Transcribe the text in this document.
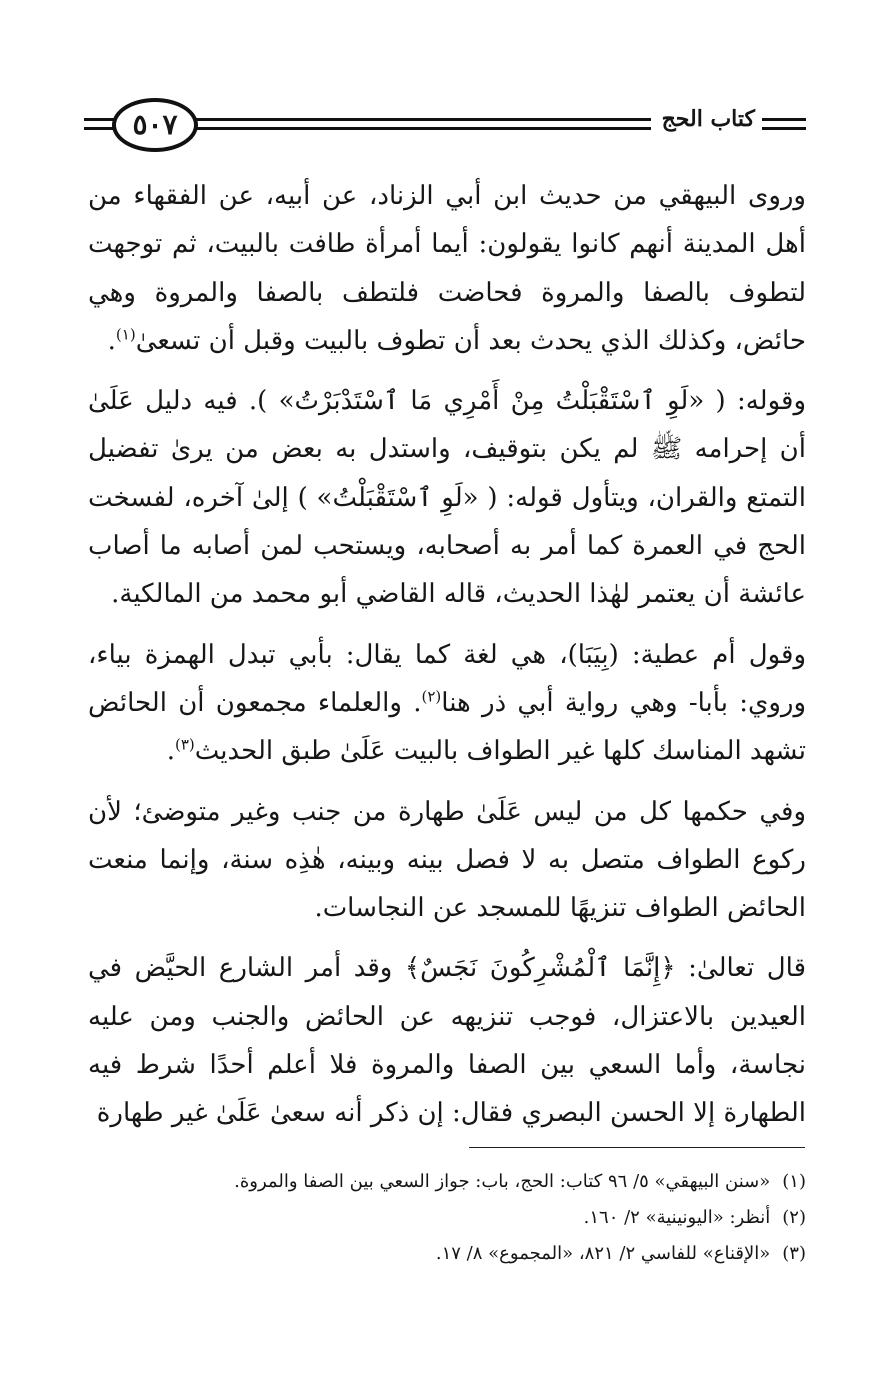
٥٠٧	كتاب الحج

وروى البيهقي من حديث ابن أبي الزناد، عن أبيه، عن الفقهاء من أهل المدينة أنهم كانوا يقولون: أيما أمرأة طافت بالبيت، ثم توجهت لتطوف بالصفا والمروة فحاضت فلتطف بالصفا والمروة وهي حائض، وكذلك الذي يحدث بعد أن تطوف بالبيت وقبل أن تسعىٰ$^{(١)}$.

وقوله: ( «لَوِ ٱسْتَقْبَلْتُ مِنْ أَمْرِي مَا ٱسْتَدْبَرْتُ» ). فيه دليل عَلَىٰ أن إحرامه ﷺ لم يكن بتوقيف، واستدل به بعض من يرىٰ تفضيل التمتع والقران، ويتأول قوله: ( «لَوِ ٱسْتَقْبَلْتُ» ) إلىٰ آخره، لفسخت الحج في العمرة كما أمر به أصحابه، ويستحب لمن أصابه ما أصاب عائشة أن يعتمر لهٰذا الحديث، قاله القاضي أبو محمد من المالكية.

وقول أم عطية: (بِيَبَا)، هي لغة كما يقال: بأبي تبدل الهمزة بياء، وروي: بأبا- وهي رواية أبي ذر هنا$^{(٢)}$. والعلماء مجمعون أن الحائض تشهد المناسك كلها غير الطواف بالبيت عَلَىٰ طبق الحديث$^{(٣)}$.

وفي حكمها كل من ليس عَلَىٰ طهارة من جنب وغير متوضئ؛ لأن ركوع الطواف متصل به لا فصل بينه وبينه، هٰذِه سنة، وإنما منعت الحائض الطواف تنزيهًا للمسجد عن النجاسات.

قال تعالىٰ: ﴿إِنَّمَا ٱلْمُشْرِكُونَ نَجَسٌ﴾ وقد أمر الشارع الحيَّض في العيدين بالاعتزال، فوجب تنزيهه عن الحائض والجنب ومن عليه نجاسة، وأما السعي بين الصفا والمروة فلا أعلم أحدًا شرط فيه الطهارة إلا الحسن البصري فقال: إن ذكر أنه سعىٰ عَلَىٰ غير طهارة

(١)«سنن البيهقي» ٥/ ٩٦ كتاب: الحج، باب: جواز السعي بين الصفا والمروة.

(٢)أنظر: «اليونينية» ٢/ ١٦٠.

(٣)«الإقناع» للفاسي ٢/ ٨٢١، «المجموع» ٨/ ١٧.
